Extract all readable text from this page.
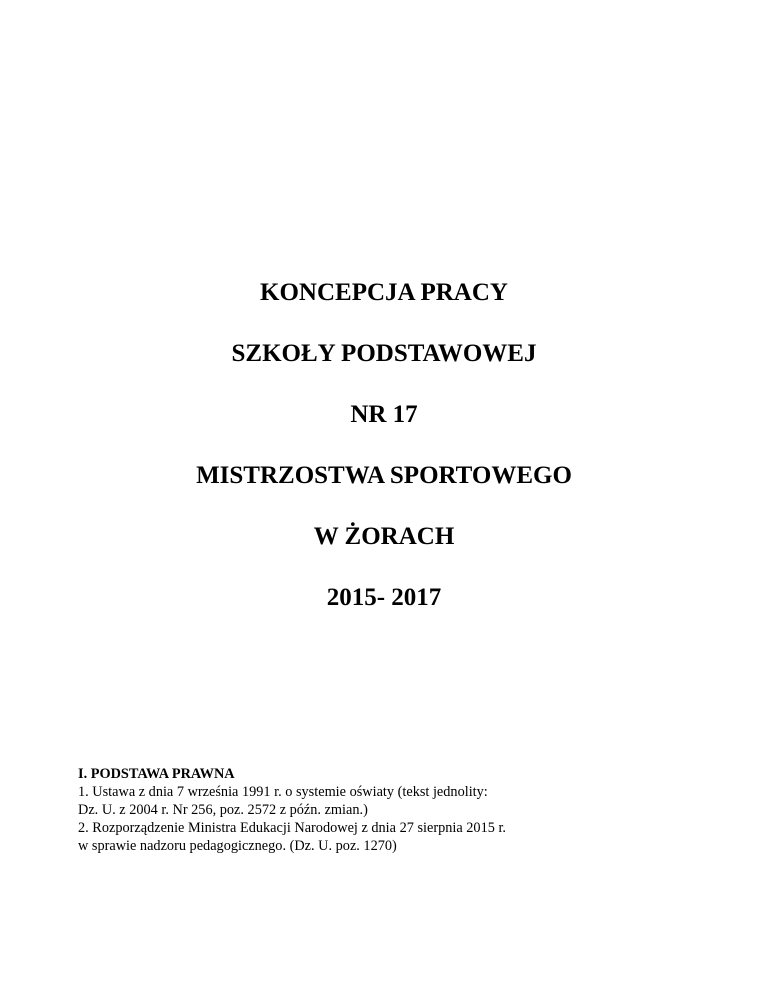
KONCEPCJA PRACY
SZKOŁY PODSTAWOWEJ
NR 17
MISTRZOSTWA SPORTOWEGO
W ŻORACH
2015- 2017
I. PODSTAWA PRAWNA
1. Ustawa z dnia 7 września 1991 r. o systemie oświaty (tekst jednolity:
Dz. U. z 2004 r. Nr 256, poz. 2572 z późn. zmian.)
2. Rozporządzenie Ministra Edukacji Narodowej z dnia 27 sierpnia 2015 r.
w sprawie nadzoru pedagogicznego. (Dz. U. poz. 1270)
